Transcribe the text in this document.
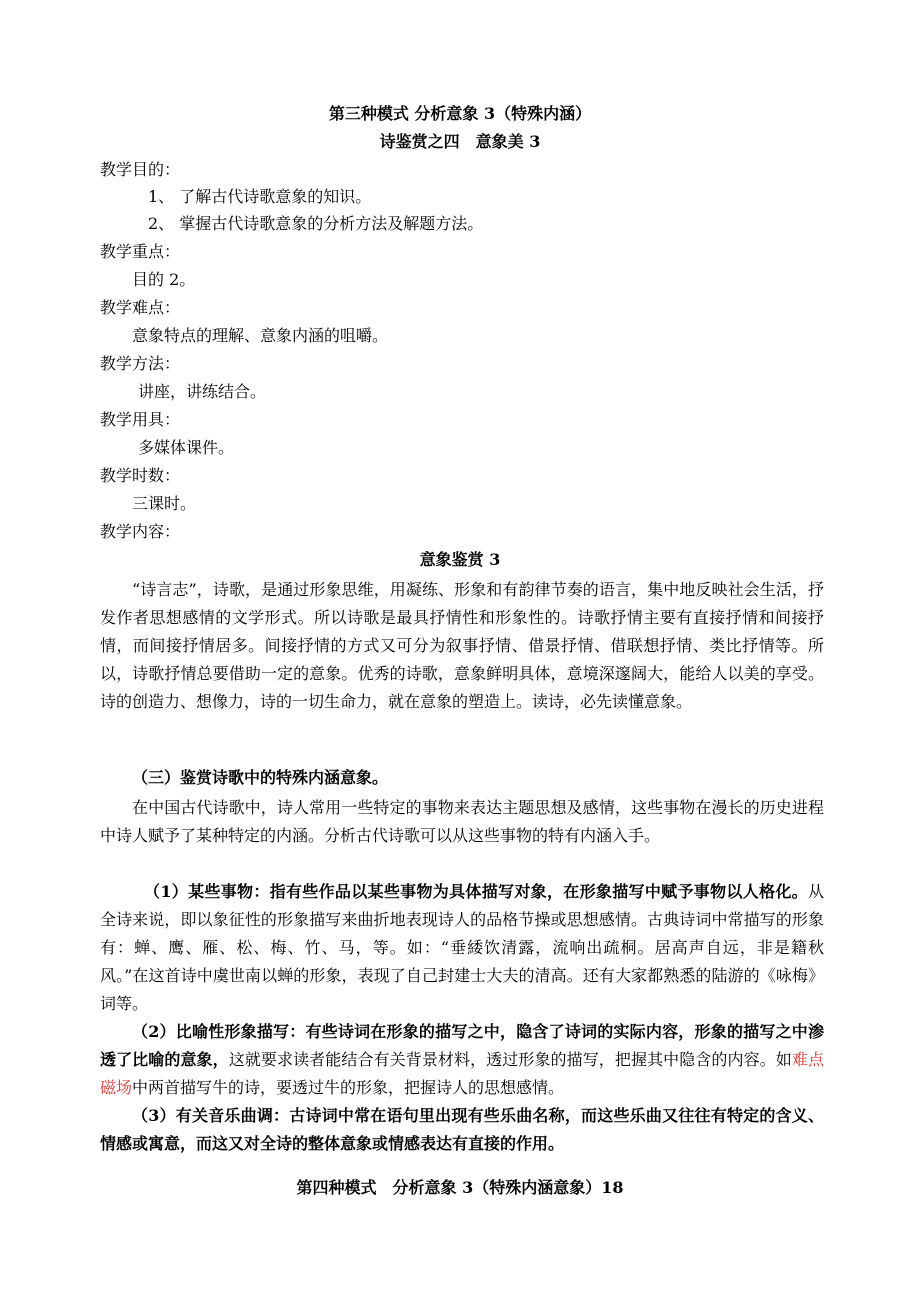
第三种模式 分析意象 3（特殊内涵）
诗鉴赏之四　意象美 3
教学目的：
1、 了解古代诗歌意象的知识。
2、 掌握古代诗歌意象的分析方法及解题方法。
教学重点：
目的 2。
教学难点：
意象特点的理解、意象内涵的咀嚼。
教学方法：
讲座，讲练结合。
教学用具：
多媒体课件。
教学时数：
三课时。
教学内容：
意象鉴赏 3
“诗言志”，诗歌，是通过形象思维，用凝练、形象和有韵律节奏的语言，集中地反映社会生活，抒发作者思想感情的文学形式。所以诗歌是最具抒情性和形象性的。诗歌抒情主要有直接抒情和间接抒情，而间接抒情居多。间接抒情的方式又可分为叙事抒情、借景抒情、借联想抒情、类比抒情等。所以，诗歌抒情总要借助一定的意象。优秀的诗歌，意象鲜明具体，意境深邃阔大，能给人以美的享受。诗的创造力、想像力，诗的一切生命力，就在意象的塑造上。读诗，必先读懂意象。
（三）鉴赏诗歌中的特殊内涵意象。
在中国古代诗歌中，诗人常用一些特定的事物来表达主题思想及感情，这些事物在漫长的历史进程中诗人赋予了某种特定的内涵。分析古代诗歌可以从这些事物的特有内涵入手。
（1）某些事物：指有些作品以某些事物为具体描写对象，在形象描写中赋予事物以人格化。从全诗来说，即以象征性的形象描写来曲折地表现诗人的品格节操或思想感情。古典诗词中常描写的形象有：蝉、鹰、雁、松、梅、竹、马，等。如：“垂緌饮清露，流响出疏桐。居高声自远，非是籍秋风。”在这首诗中虞世南以蝉的形象，表现了自己封建士大夫的清高。还有大家都熟悉的陆游的《咏梅》词等。
（2）比喻性形象描写：有些诗词在形象的描写之中，隐含了诗词的实际内容，形象的描写之中渗透了比喻的意象，这就要求读者能结合有关背景材料，透过形象的描写，把握其中隐含的内容。如难点磁场中两首描写牛的诗，要透过牛的形象，把握诗人的思想感情。
（3）有关音乐曲调：古诗词中常在语句里出现有些乐曲名称，而这些乐曲又往往有特定的含义、情感或寓意，而这又对全诗的整体意象或情感表达有直接的作用。
第四种模式　分析意象 3（特殊内涵意象）18
